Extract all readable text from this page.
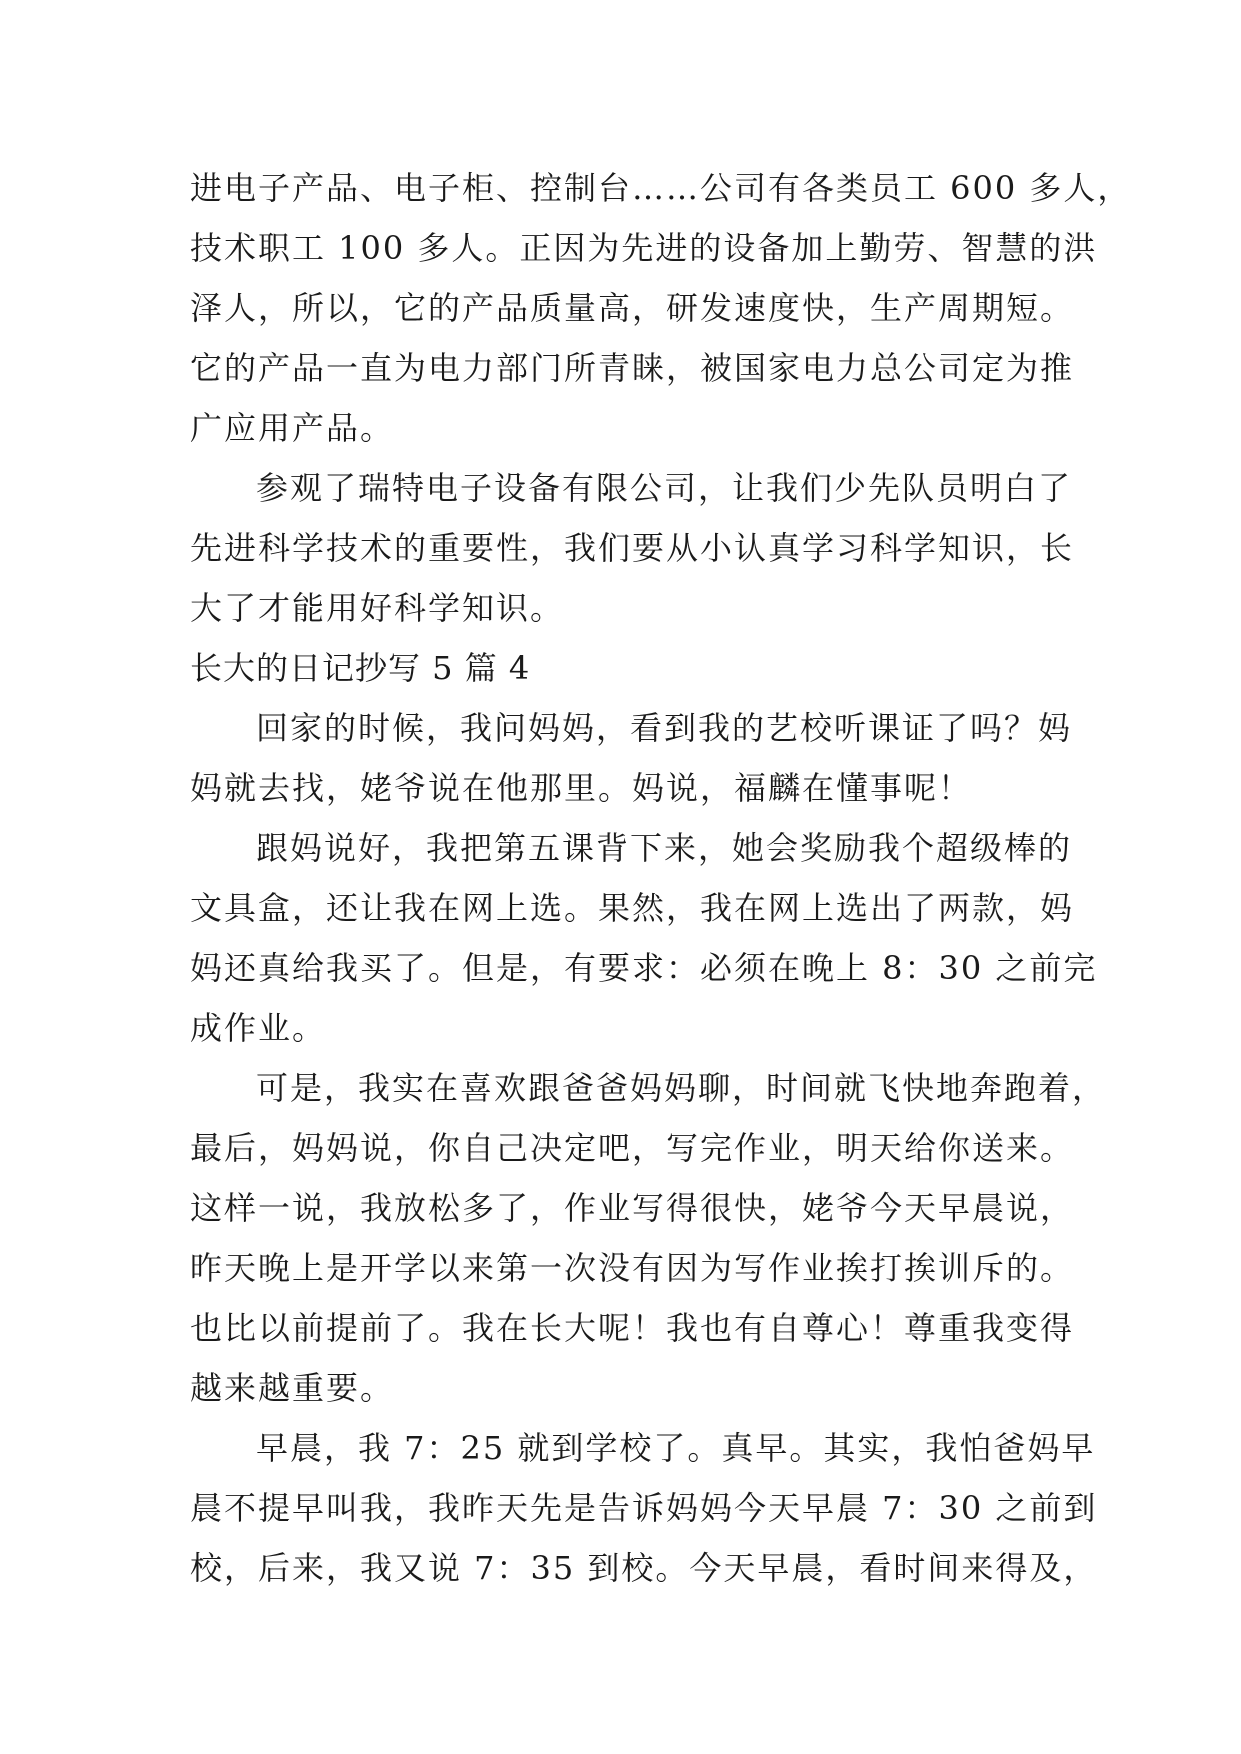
进电子产品、电子柜、控制台……公司有各类员工 600 多人，
技术职工 100 多人。正因为先进的设备加上勤劳、智慧的洪
泽人，所以，它的产品质量高，研发速度快，生产周期短。
它的产品一直为电力部门所青睐，被国家电力总公司定为推
广应用产品。
参观了瑞特电子设备有限公司，让我们少先队员明白了
先进科学技术的重要性，我们要从小认真学习科学知识，长
大了才能用好科学知识。
长大的日记抄写 5 篇 4
回家的时候，我问妈妈，看到我的艺校听课证了吗？妈
妈就去找，姥爷说在他那里。妈说，福麟在懂事呢！
跟妈说好，我把第五课背下来，她会奖励我个超级棒的
文具盒，还让我在网上选。果然，我在网上选出了两款，妈
妈还真给我买了。但是，有要求：必须在晚上 8：30 之前完
成作业。
可是，我实在喜欢跟爸爸妈妈聊，时间就飞快地奔跑着，
最后，妈妈说，你自己决定吧，写完作业，明天给你送来。
这样一说，我放松多了，作业写得很快，姥爷今天早晨说，
昨天晚上是开学以来第一次没有因为写作业挨打挨训斥的。
也比以前提前了。我在长大呢！我也有自尊心！尊重我变得
越来越重要。
早晨，我 7：25 就到学校了。真早。其实，我怕爸妈早
晨不提早叫我，我昨天先是告诉妈妈今天早晨 7：30 之前到
校，后来，我又说 7：35 到校。今天早晨，看时间来得及，
